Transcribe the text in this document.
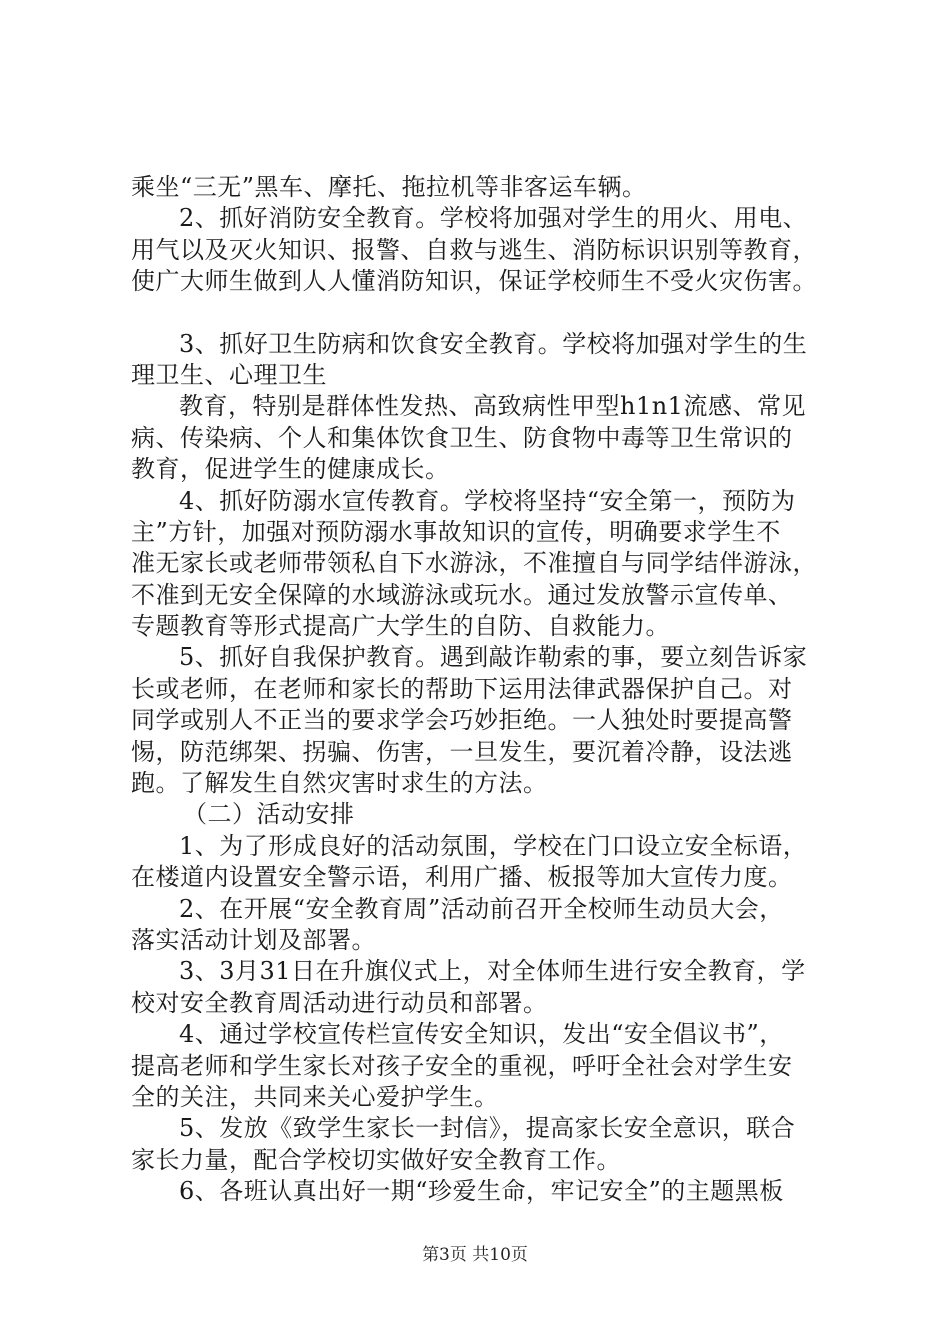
乘坐“三无”黑车、摩托、拖拉机等非客运车辆。
2、抓好消防安全教育。学校将加强对学生的用火、用电、
用气以及灭火知识、报警、自救与逃生、消防标识识别等教育，
使广大师生做到人人懂消防知识，保证学校师生不受火灾伤害。
3、抓好卫生防病和饮食安全教育。学校将加强对学生的生
理卫生、心理卫生
教育，特别是群体性发热、高致病性甲型h1n1流感、常见
病、传染病、个人和集体饮食卫生、防食物中毒等卫生常识的
教育，促进学生的健康成长。
4、抓好防溺水宣传教育。学校将坚持“安全第一，预防为
主”方针，加强对预防溺水事故知识的宣传，明确要求学生不
准无家长或老师带领私自下水游泳，不准擅自与同学结伴游泳，
不准到无安全保障的水域游泳或玩水。通过发放警示宣传单、
专题教育等形式提高广大学生的自防、自救能力。
5、抓好自我保护教育。遇到敲诈勒索的事，要立刻告诉家
长或老师，在老师和家长的帮助下运用法律武器保护自己。对
同学或别人不正当的要求学会巧妙拒绝。一人独处时要提高警
惕，防范绑架、拐骗、伤害，一旦发生，要沉着冷静，设法逃
跑。了解发生自然灾害时求生的方法。
（二）活动安排
1、为了形成良好的活动氛围，学校在门口设立安全标语，
在楼道内设置安全警示语，利用广播、板报等加大宣传力度。
2、在开展“安全教育周”活动前召开全校师生动员大会，
落实活动计划及部署。
3、3月31日在升旗仪式上，对全体师生进行安全教育，学
校对安全教育周活动进行动员和部署。
4、通过学校宣传栏宣传安全知识，发出“安全倡议书”，
提高老师和学生家长对孩子安全的重视，呼吁全社会对学生安
全的关注，共同来关心爱护学生。
5、发放《致学生家长一封信》，提高家长安全意识，联合
家长力量，配合学校切实做好安全教育工作。
6、各班认真出好一期“珍爱生命，牢记安全”的主题黑板
第3页 共10页
